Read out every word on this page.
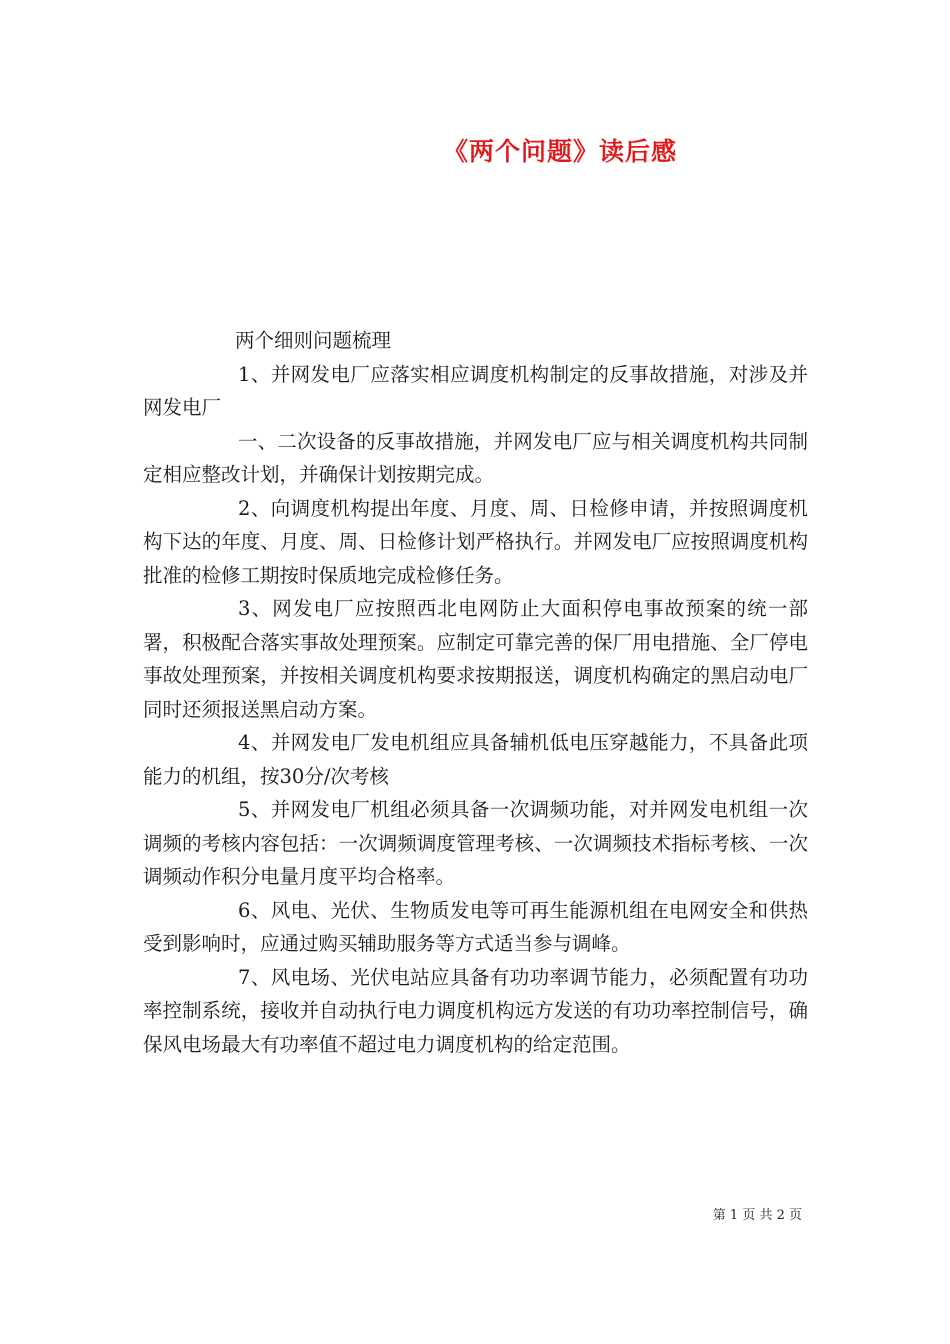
《两个问题》读后感

两个细则问题梳理

1、并网发电厂应落实相应调度机构制定的反事故措施，对涉及并网发电厂

一、二次设备的反事故措施，并网发电厂应与相关调度机构共同制定相应整改计划，并确保计划按期完成。

2、向调度机构提出年度、月度、周、日检修申请，并按照调度机构下达的年度、月度、周、日检修计划严格执行。并网发电厂应按照调度机构批准的检修工期按时保质地完成检修任务。

3、网发电厂应按照西北电网防止大面积停电事故预案的统一部署，积极配合落实事故处理预案。应制定可靠完善的保厂用电措施、全厂停电事故处理预案，并按相关调度机构要求按期报送，调度机构确定的黑启动电厂同时还须报送黑启动方案。

4、并网发电厂发电机组应具备辅机低电压穿越能力，不具备此项能力的机组，按30分/次考核

5、并网发电厂机组必须具备一次调频功能，对并网发电机组一次调频的考核内容包括：一次调频调度管理考核、一次调频技术指标考核、一次调频动作积分电量月度平均合格率。

6、风电、光伏、生物质发电等可再生能源机组在电网安全和供热受到影响时，应通过购买辅助服务等方式适当参与调峰。

7、风电场、光伏电站应具备有功功率调节能力，必须配置有功功率控制系统，接收并自动执行电力调度机构远方发送的有功功率控制信号，确保风电场最大有功率值不超过电力调度机构的给定范围。

第 1 页 共 2 页
